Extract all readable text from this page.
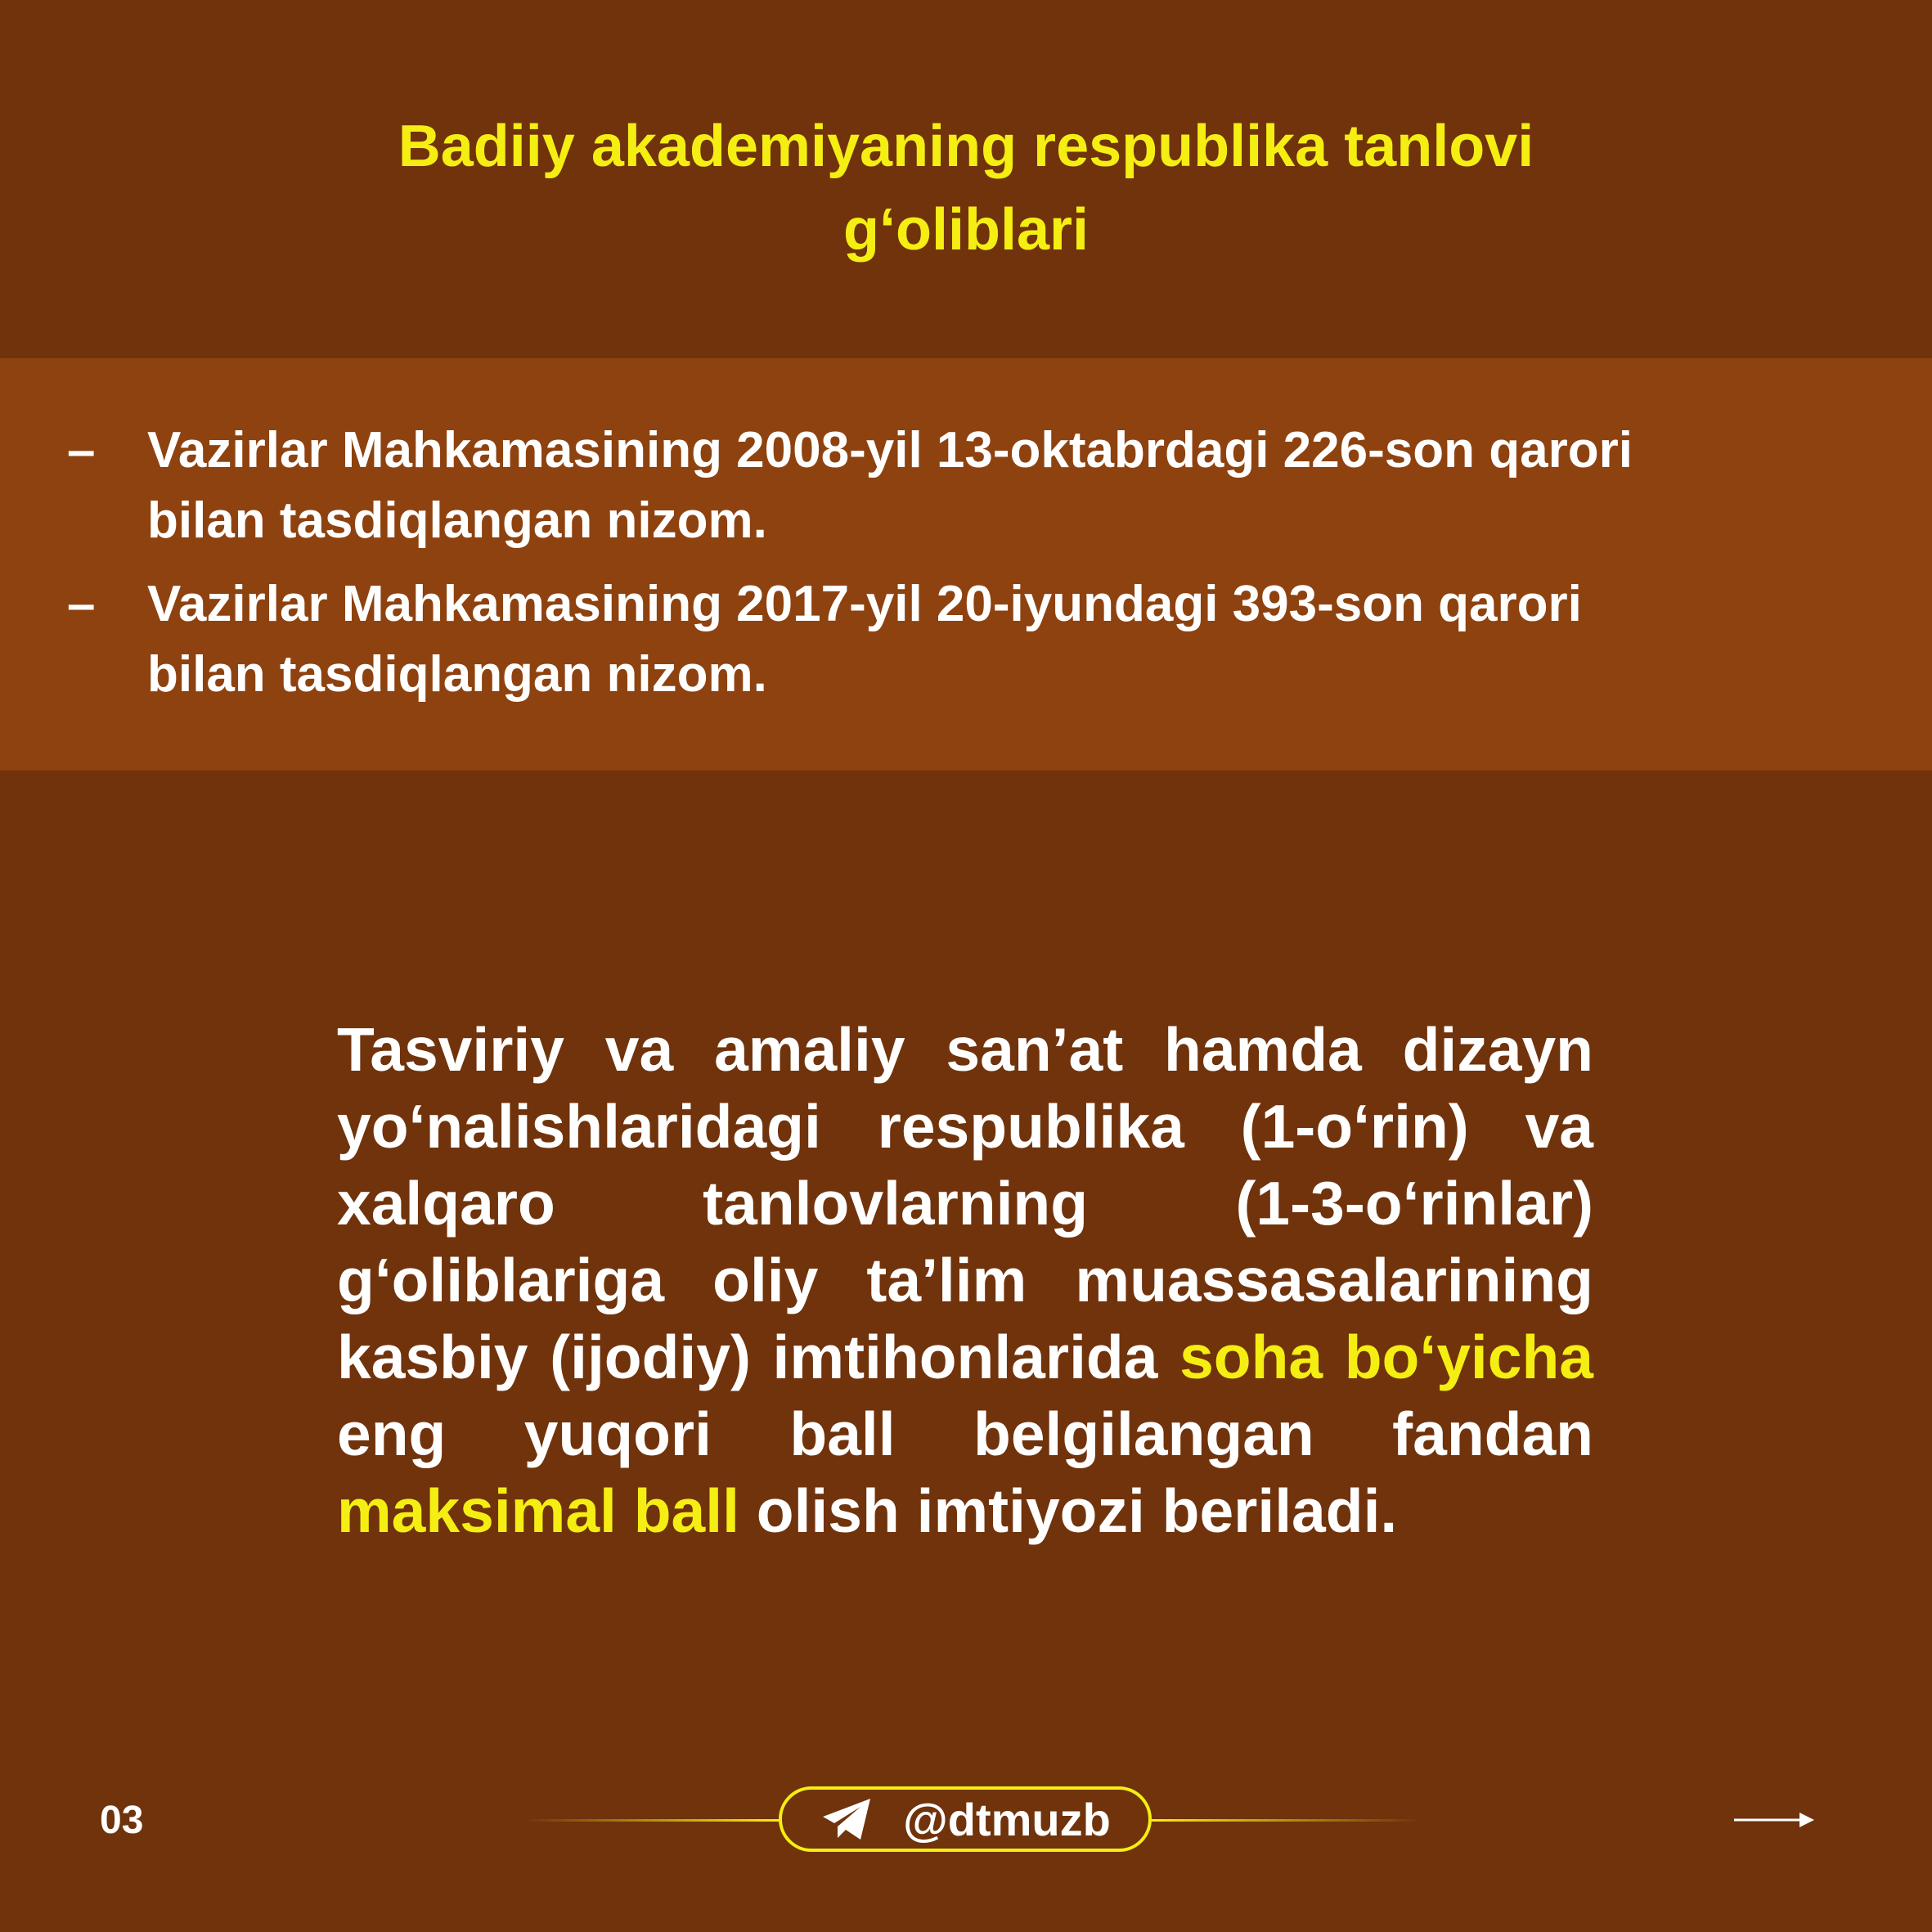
Badiiy akademiyaning respublika tanlovi
g‘oliblari
– Vazirlar Mahkamasining 2008-yil 13-oktabrdagi 226-son qarori
bilan tasdiqlangan nizom.
– Vazirlar Mahkamasining 2017-yil 20-iyundagi 393-son qarori
bilan tasdiqlangan nizom.

Tasviriy va amaliy san’at hamda dizayn yo‘nalishlaridagi respublika (1-o‘rin) va xalqaro tanlovlarning (1-3-o‘rinlar) g‘oliblariga oliy ta’lim muassasalarining kasbiy (ijodiy) imtihonlarida soha bo‘yicha eng yuqori ball belgilangan fandan maksimal ball olish imtiyozi beriladi.

03	@dtmuzb
